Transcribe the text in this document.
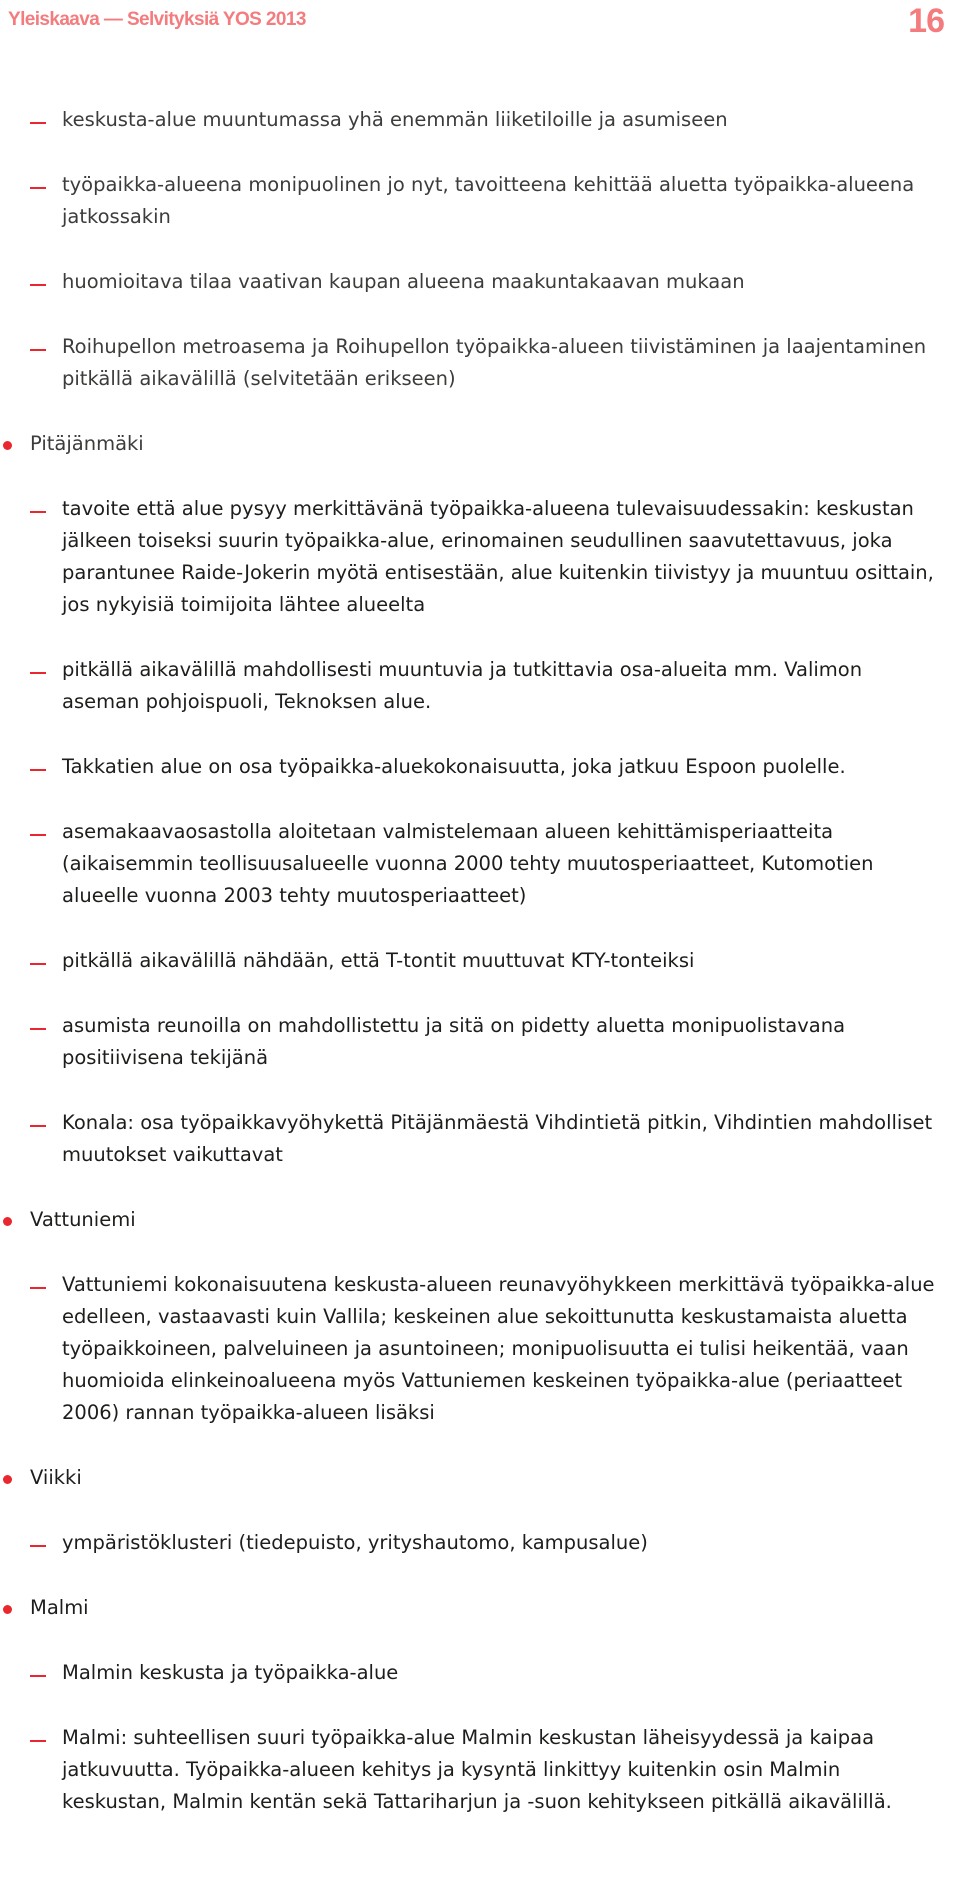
Yleiskaava — Selvityksiä YOS 2013	16
keskusta-alue muuntumassa yhä enemmän liiketiloille ja asumiseen
työpaikka-alueena monipuolinen jo nyt, tavoitteena kehittää aluetta työpaikka-alueena jatkossakin
huomioitava tilaa vaativan kaupan alueena maakuntakaavan mukaan
Roihupellon metroasema ja Roihupellon työpaikka-alueen tiivistäminen ja laajentaminen pitkällä aikavälillä (selvitetään erikseen)
Pitäjänmäki
tavoite että alue pysyy merkittävänä työpaikka-alueena tulevaisuudessakin: keskustan jälkeen toiseksi suurin työpaikka-alue, erinomainen seudullinen saavutettavuus, joka parantunee Raide-Jokerin myötä entisestään, alue kuitenkin tiivistyy ja muuntuu osittain, jos nykyisiä toimijoita lähtee alueelta
pitkällä aikavälillä mahdollisesti muuntuvia ja tutkittavia osa-alueita mm. Valimon aseman pohjoispuoli, Teknoksen alue.
Takkatien alue on osa työpaikka-aluekokonaisuutta, joka jatkuu Espoon puolelle.
asemakaavaosastolla aloitetaan valmistelemaan alueen kehittämisperiaatteita (aikaisemmin teollisuusalueelle vuonna 2000 tehty muutosperiaatteet, Kutomotien alueelle vuonna 2003 tehty muutosperiaatteet)
pitkällä aikavälillä nähdään, että T-tontit muuttuvat KTY-tonteiksi
asumista reunoilla on mahdollistettu ja sitä on pidetty aluetta monipuolistavana positiivisena tekijänä
Konala: osa työpaikkavyöhykettä Pitäjänmäestä Vihdintietä pitkin, Vihdintien mahdolliset muutokset vaikuttavat
Vattuniemi
Vattuniemi kokonaisuutena keskusta-alueen reunavyöhykkeen merkittävä työpaikka-alue edelleen, vastaavasti kuin Vallila; keskeinen alue sekoittunutta keskustamaista aluetta työpaikkoineen, palveluineen ja asuntoineen; monipuolisuutta ei tulisi heikentää, vaan huomioida elinkeinoalueena myös Vattuniemen keskeinen työpaikka-alue (periaatteet 2006) rannan työpaikka-alueen lisäksi
Viikki
ympäristöklusteri (tiedepuisto, yrityshautomo, kampusalue)
Malmi
Malmin keskusta ja työpaikka-alue
Malmi: suhteellisen suuri työpaikka-alue Malmin keskustan läheisyydessä ja kaipaa jatkuvuutta. Työpaikka-alueen kehitys ja kysyntä linkittyy kuitenkin osin Malmin keskustan, Malmin kentän sekä Tattariharjun ja -suon kehitykseen pitkällä aikavälillä.
